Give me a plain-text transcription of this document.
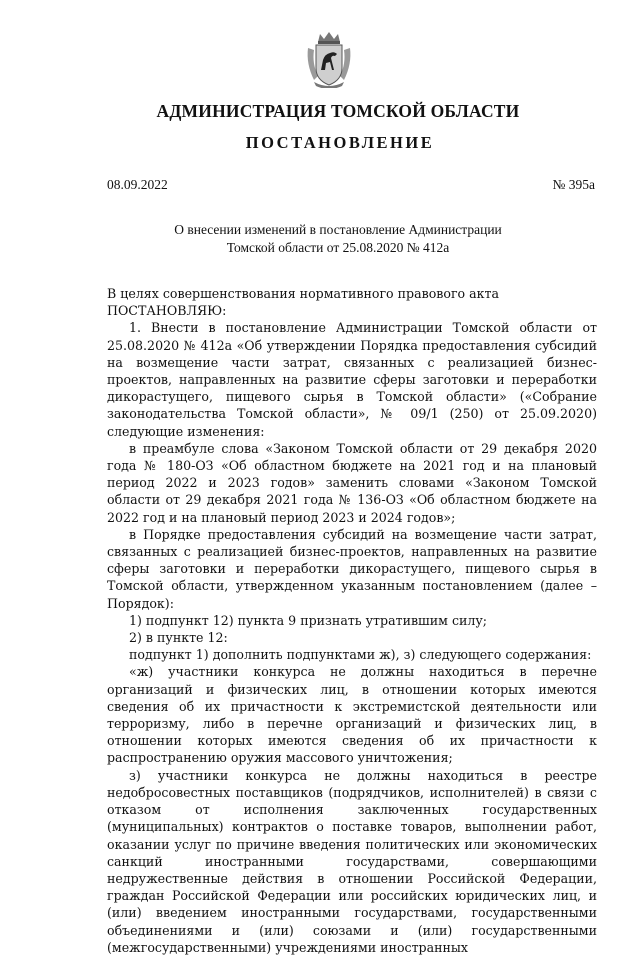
АДМИНИСТРАЦИЯ ТОМСКОЙ ОБЛАСТИ
ПОСТАНОВЛЕНИЕ
08.09.2022	№ 395а
О внесении изменений в постановление Администрации
Томской области от 25.08.2020 № 412а

В целях совершенствования нормативного правового акта

ПОСТАНОВЛЯЮ:

1. Внести в постановление Администрации Томской области от 25.08.2020 № 412а «Об утверждении Порядка предоставления субсидий на возмещение части затрат, связанных с реализацией бизнес-проектов, направленных на развитие сферы заготовки и переработки дикорастущего, пищевого сырья в Томской области» («Собрание законодательства Томской области», № 09/1 (250) от 25.09.2020) следующие изменения:

в преамбуле слова «Законом Томской области от 29 декабря 2020 года № 180-ОЗ «Об областном бюджете на 2021 год и на плановый период 2022 и 2023 годов» заменить словами «Законом Томской области от 29 декабря 2021 года № 136-ОЗ «Об областном бюджете на 2022 год и на плановый период 2023 и 2024 годов»;

в Порядке предоставления субсидий на возмещение части затрат, связанных с реализацией бизнес-проектов, направленных на развитие сферы заготовки и переработки дикорастущего, пищевого сырья в Томской области, утвержденном указанным постановлением (далее – Порядок):

1) подпункт 12) пункта 9 признать утратившим силу;

2) в пункте 12:

подпункт 1) дополнить подпунктами ж), з) следующего содержания:

«ж) участники конкурса не должны находиться в перечне организаций и физических лиц, в отношении которых имеются сведения об их причастности к экстремистской деятельности или терроризму, либо в перечне организаций и физических лиц, в отношении которых имеются сведения об их причастности к распространению оружия массового уничтожения;

з) участники конкурса не должны находиться в реестре недобросовестных поставщиков (подрядчиков, исполнителей) в связи с отказом от исполнения заключенных государственных (муниципальных) контрактов о поставке товаров, выполнении работ, оказании услуг по причине введения политических или экономических санкций иностранными государствами, совершающими недружественные действия в отношении Российской Федерации, граждан Российской Федерации или российских юридических лиц, и (или) введением иностранными государствами, государственными объединениями и (или) союзами и (или) государственными (межгосударственными) учреждениями иностранных
